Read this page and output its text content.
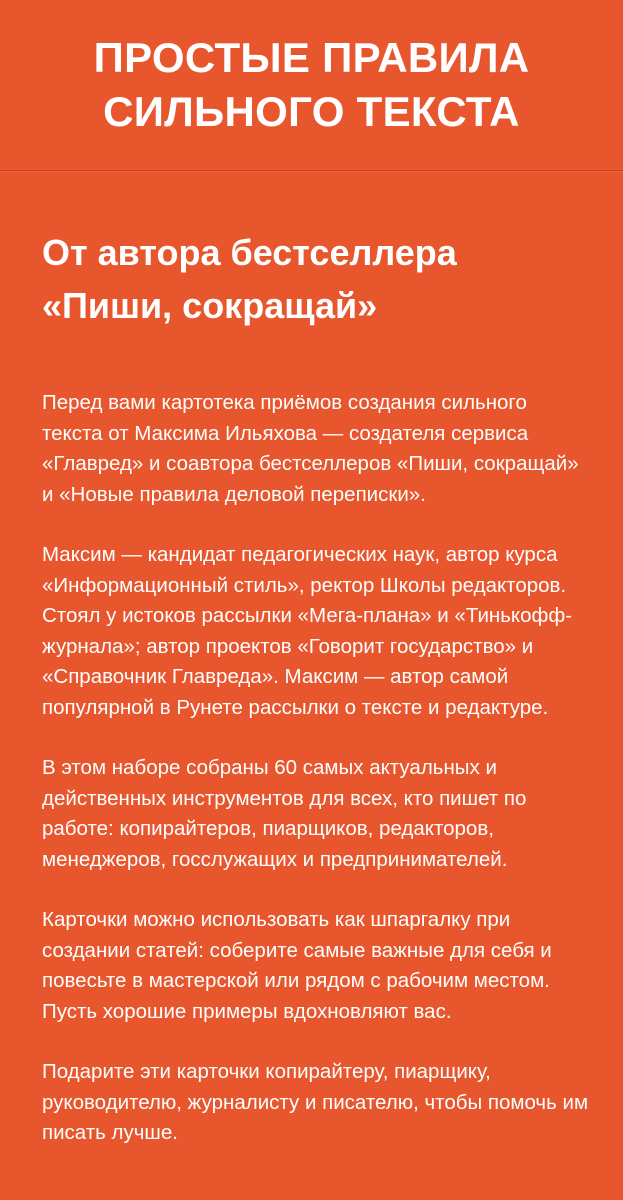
ПРОСТЫЕ ПРАВИЛА СИЛЬНОГО ТЕКСТА
От автора бестселлера «Пиши, сокращай»

Перед вами картотека приёмов создания сильного текста от Максима Ильяхова — создателя сервиса «Главред» и соавтора бестселлеров «Пиши, сокращай» и «Новые правила деловой переписки».

Максим — кандидат педагогических наук, автор курса «Информационный стиль», ректор Школы редакторов. Стоял у истоков рассылки «Мега-плана» и «Тинькофф-журнала»; автор проектов «Говорит государство» и «Справочник Главреда». Максим — автор самой популярной в Рунете рассылки о тексте и редактуре.

В этом наборе собраны 60 самых актуальных и действенных инструментов для всех, кто пишет по работе: копирайтеров, пиарщиков, редакторов, менеджеров, госслужащих и предпринимателей.

Карточки можно использовать как шпаргалку при создании статей: соберите самые важные для себя и повесьте в мастерской или рядом с рабочим местом. Пусть хорошие примеры вдохновляют вас.

Подарите эти карточки копирайтеру, пиарщику, руководителю, журналисту и писателю, чтобы помочь им писать лучше.
